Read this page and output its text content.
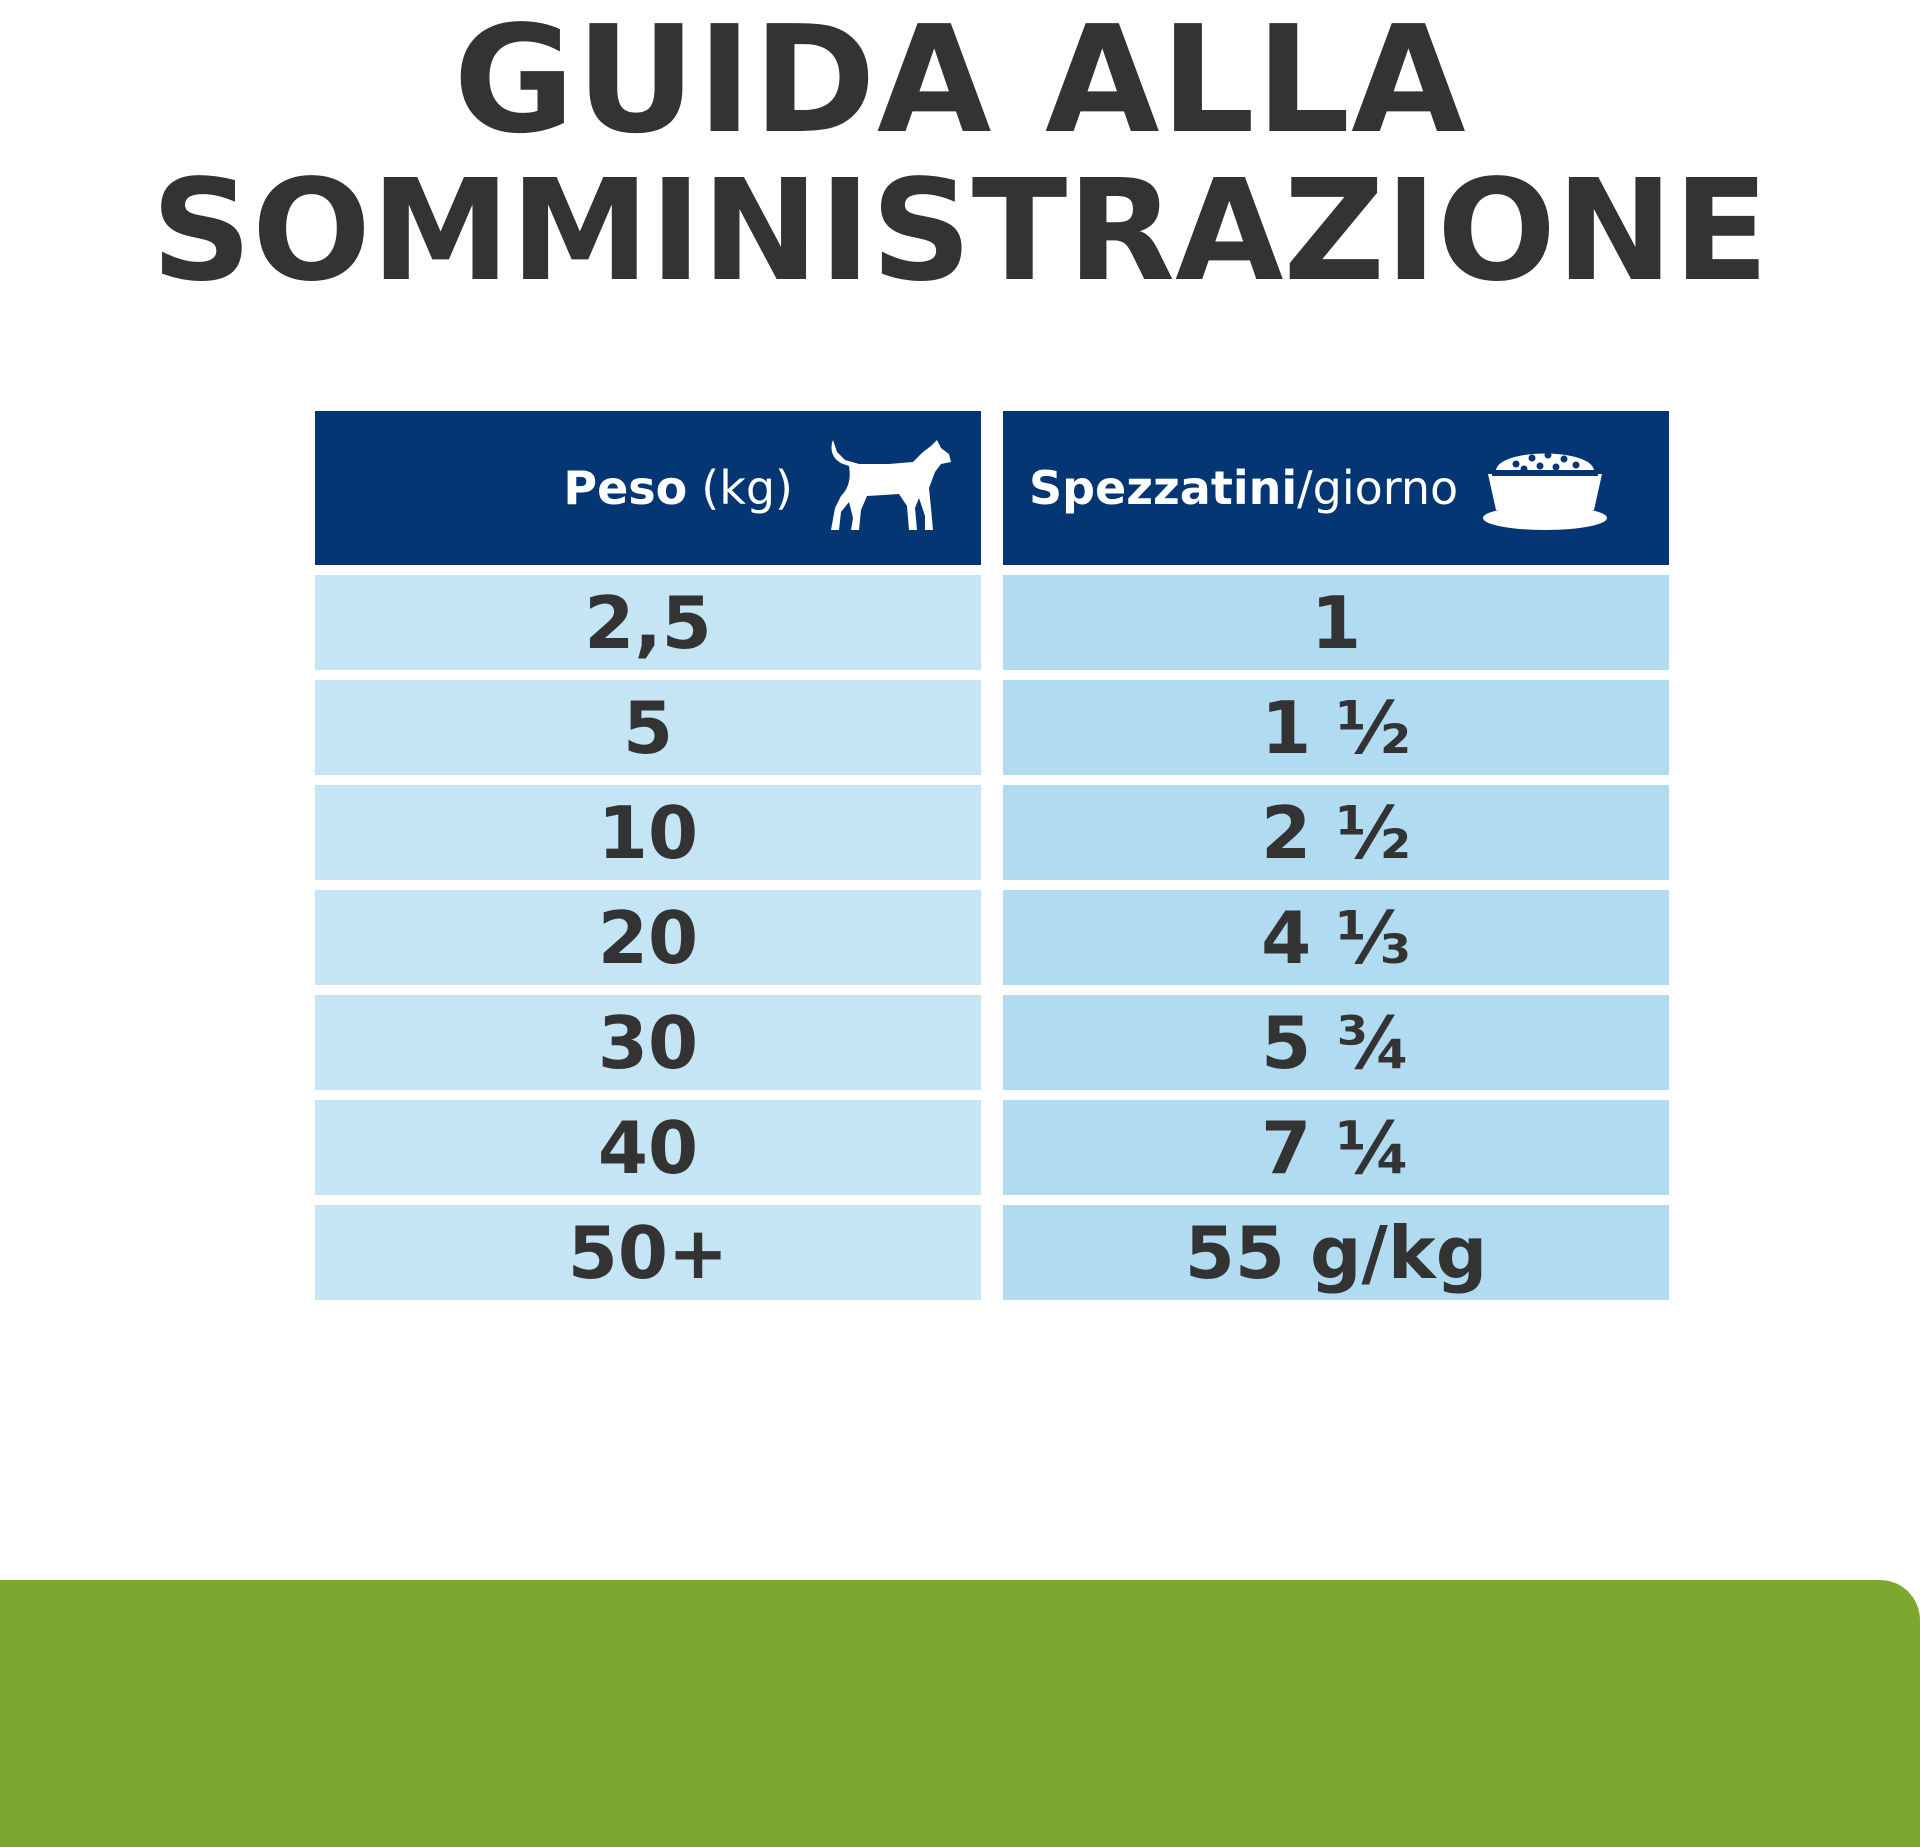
GUIDA ALLA
SOMMINISTRAZIONE
Peso (kg)	Spezzatini /giorno
2,5	1
5	1 ½
10	2 ½
20	4 ⅓
30	5 ¾
40	7 ¼
50+	55 g/kg
